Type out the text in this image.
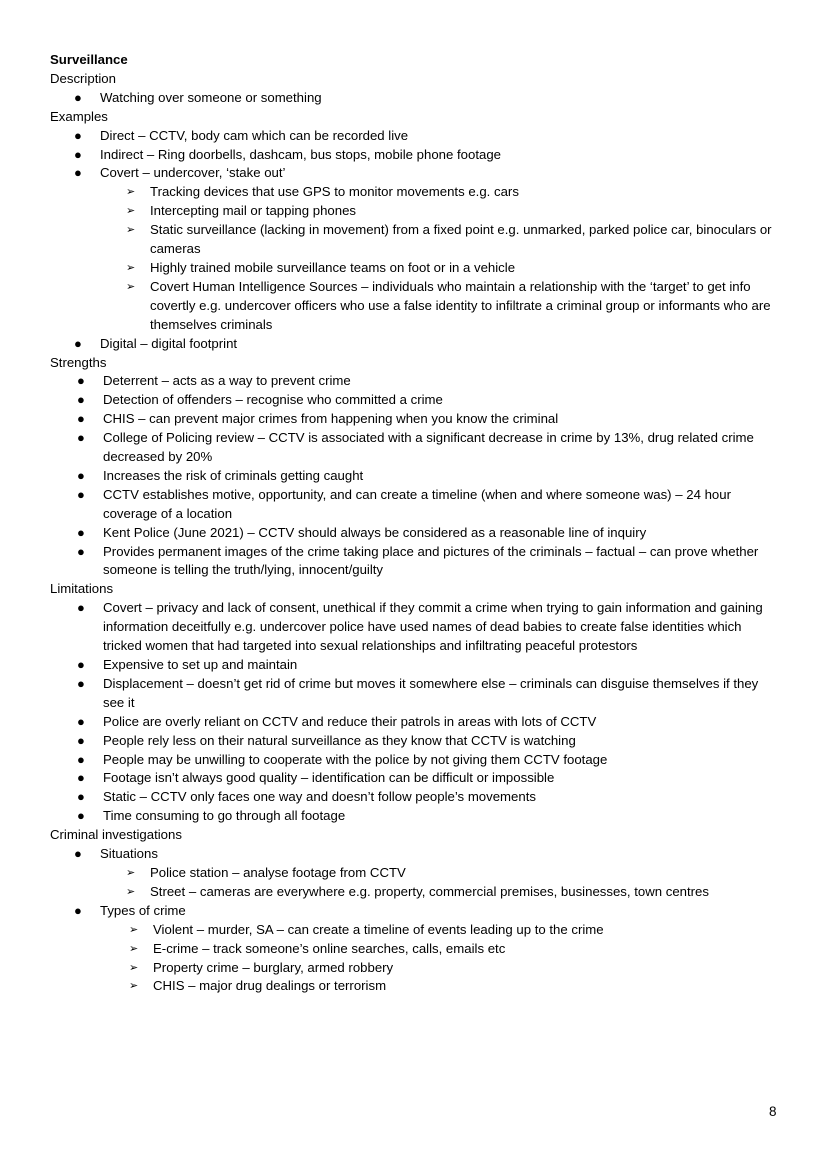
Surveillance
Description
● Watching over someone or something
Examples
● Direct – CCTV, body cam which can be recorded live
● Indirect – Ring doorbells, dashcam, bus stops, mobile phone footage
● Covert – undercover, ‘stake out’
➢ Tracking devices that use GPS to monitor movements e.g. cars
➢ Intercepting mail or tapping phones
➢ Static surveillance (lacking in movement) from a fixed point e.g. unmarked, parked police car, binoculars or cameras
➢ Highly trained mobile surveillance teams on foot or in a vehicle
➢ Covert Human Intelligence Sources – individuals who maintain a relationship with the ‘target’ to get info covertly e.g. undercover officers who use a false identity to infiltrate a criminal group or informants who are themselves criminals
● Digital – digital footprint
Strengths
● Deterrent – acts as a way to prevent crime
● Detection of offenders – recognise who committed a crime
● CHIS – can prevent major crimes from happening when you know the criminal
● College of Policing review – CCTV is associated with a significant decrease in crime by 13%, drug related crime decreased by 20%
● Increases the risk of criminals getting caught
● CCTV establishes motive, opportunity, and can create a timeline (when and where someone was) – 24 hour coverage of a location
● Kent Police (June 2021) – CCTV should always be considered as a reasonable line of inquiry
● Provides permanent images of the crime taking place and pictures of the criminals – factual – can prove whether someone is telling the truth/lying, innocent/guilty
Limitations
● Covert – privacy and lack of consent, unethical if they commit a crime when trying to gain information and gaining information deceitfully e.g. undercover police have used names of dead babies to create false identities which tricked women that had targeted into sexual relationships and infiltrating peaceful protestors
● Expensive to set up and maintain
● Displacement – doesn’t get rid of crime but moves it somewhere else – criminals can disguise themselves if they see it
● Police are overly reliant on CCTV and reduce their patrols in areas with lots of CCTV
● People rely less on their natural surveillance as they know that CCTV is watching
● People may be unwilling to cooperate with the police by not giving them CCTV footage
● Footage isn’t always good quality – identification can be difficult or impossible
● Static – CCTV only faces one way and doesn’t follow people’s movements
● Time consuming to go through all footage
Criminal investigations
● Situations
➢ Police station – analyse footage from CCTV
➢ Street – cameras are everywhere e.g. property, commercial premises, businesses, town centres
● Types of crime
➢ Violent – murder, SA – can create a timeline of events leading up to the crime
➢ E-crime – track someone’s online searches, calls, emails etc
➢ Property crime – burglary, armed robbery
➢ CHIS – major drug dealings or terrorism
8
